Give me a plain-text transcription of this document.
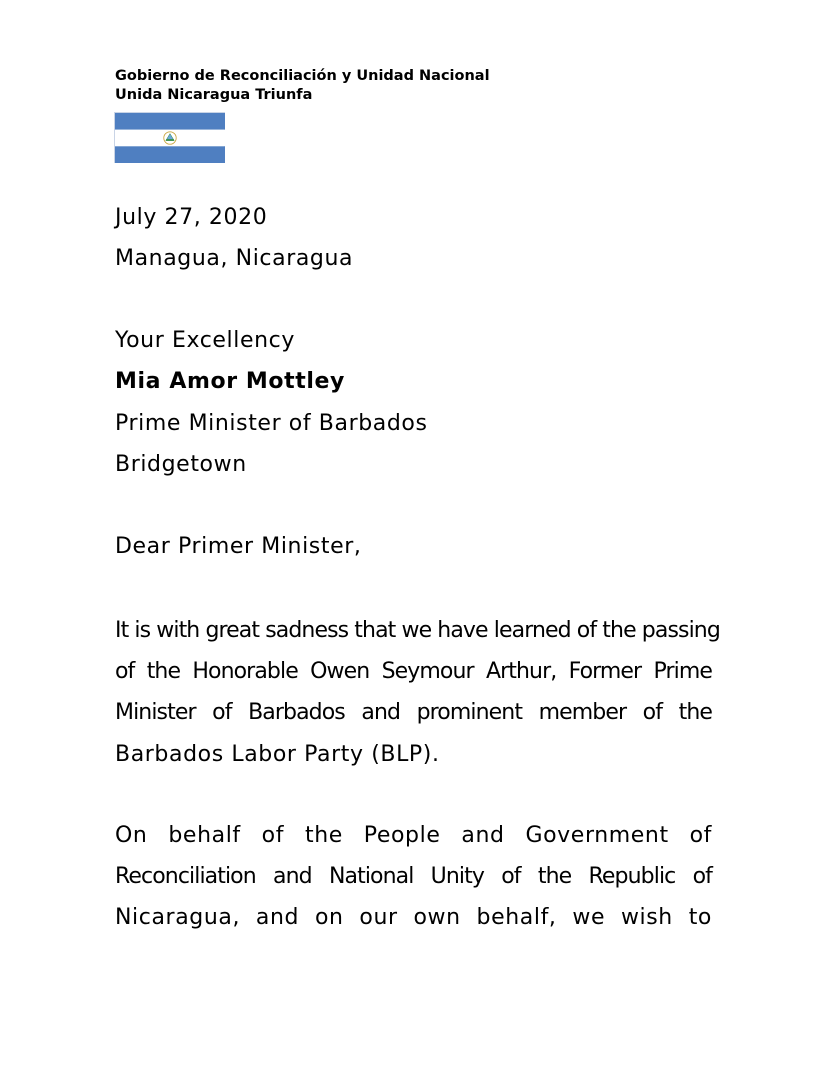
Gobierno de Reconciliación y Unidad Nacional
Unida Nicaragua Triunfa
July 27, 2020
Managua, Nicaragua
Your Excellency
Mia Amor Mottley
Prime Minister of Barbados
Bridgetown
Dear Primer Minister,
It is with great sadness that we have learned of the passing
of the Honorable Owen Seymour Arthur, Former Prime
Minister of Barbados and prominent member of the
Barbados Labor Party (BLP).
On behalf of the People and Government of
Reconciliation and National Unity of the Republic of
Nicaragua, and on our own behalf, we wish to
